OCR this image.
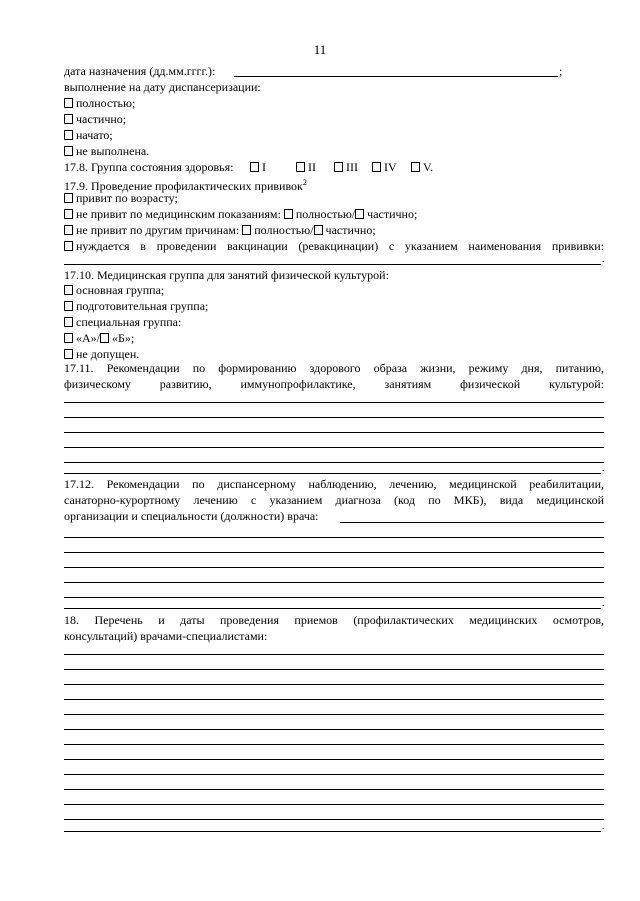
11
дата назначения (дд.мм.гггг.):	;
выполнение на дату диспансеризации:
полностью;
частично;
начато;
не выполнена.
17.8. Группа состояния здоровья:	I	II	III	IV	V.
17.9. Проведение профилактических прививок$^2$
привит по возрасту;
не привит по медицинским показаниям: полностью/ частично;
не привит по другим причинам: полностью/ частично;
нуждается в проведении вакцинации (ревакцинации) с указанием наименования прививки:
.
17.10. Медицинская группа для занятий физической культурой:
основная группа;
подготовительная группа;
специальная группа:
«А»/ «Б»;
не допущен.
17.11. Рекомендации по формированию здорового образа жизни, режиму дня, питанию,
физическому развитию, иммунопрофилактике, занятиям физической культурой:
.
17.12. Рекомендации по диспансерному наблюдению, лечению, медицинской реабилитации,
санаторно-курортному лечению с указанием диагноза (код по МКБ), вида медицинской
организации и специальности (должности) врача:
.
18. Перечень и даты проведения приемов (профилактических медицинских осмотров,
консультаций) врачами-специалистами:
.
